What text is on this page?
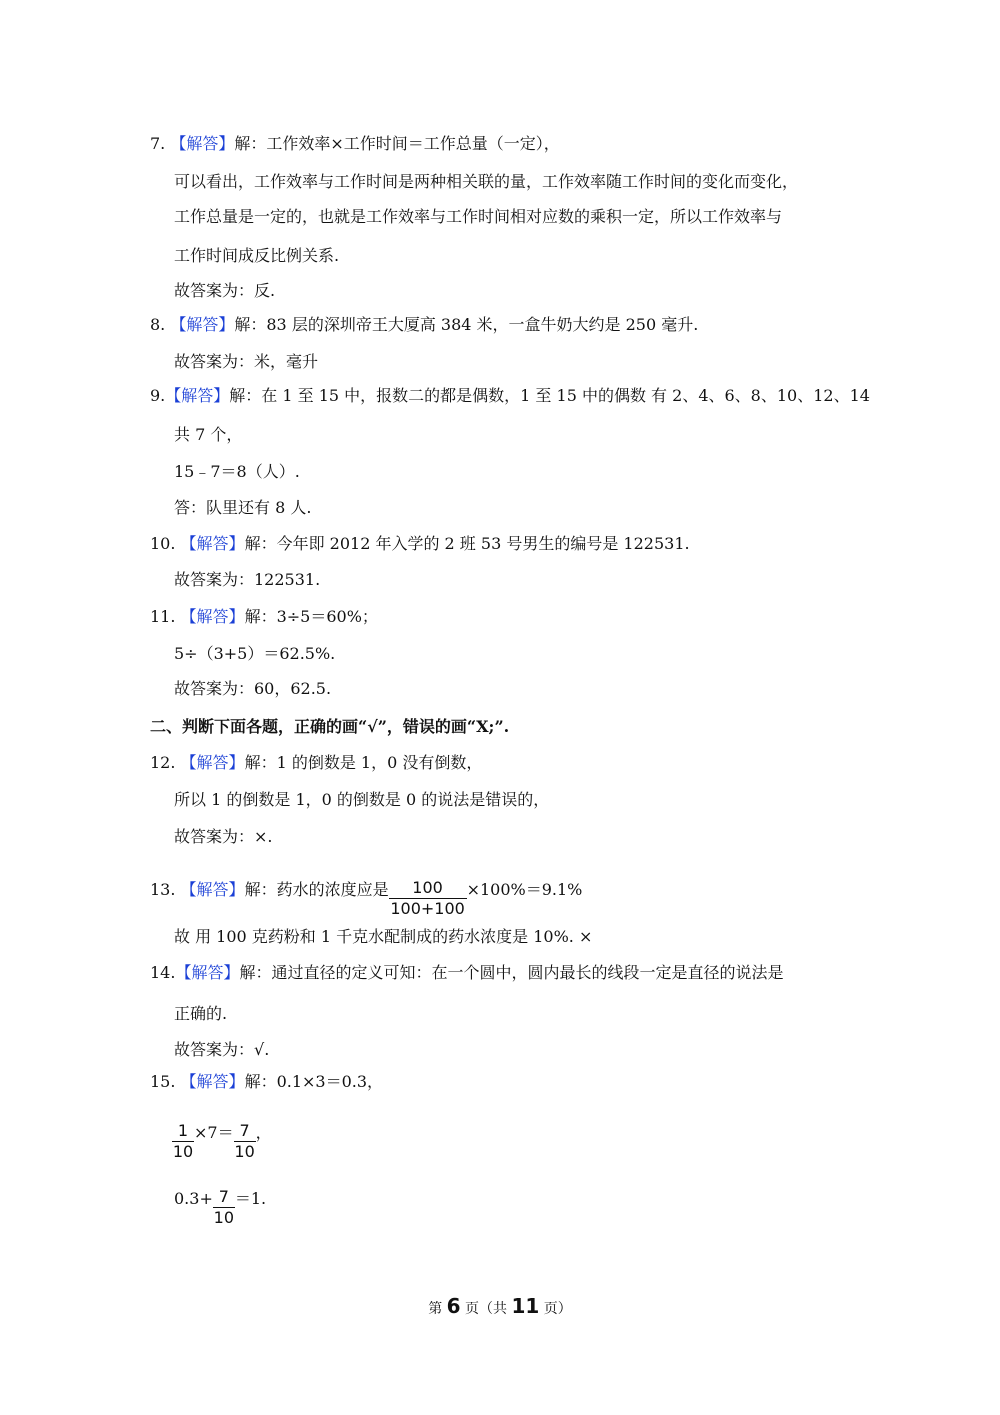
7. 【解答】解：工作效率×工作时间＝工作总量（一定），
可以看出，工作效率与工作时间是两种相关联的量，工作效率随工作时间的变化而变化，
工作总量是一定的，也就是工作效率与工作时间相对应数的乘积一定，所以工作效率与
工作时间成反比例关系.
故答案为：反.
8. 【解答】解：83 层的深圳帝王大厦高 384 米，一盒牛奶大约是 250 毫升.
故答案为：米，毫升
9.【解答】解：在 1 至 15 中，报数二的都是偶数，1 至 15 中的偶数 有 2、4、6、8、10、12、14
共 7 个，
15﹣7＝8（人）.
答：队里还有 8 人.
10. 【解答】解：今年即 2012 年入学的 2 班 53 号男生的编号是 122531.
故答案为：122531.
11. 【解答】解：3÷5＝60%；
5÷（3+5）＝62.5%.
故答案为：60，62.5.
二、判断下面各题，正确的画“√”，错误的画“X;”.
12. 【解答】解：1 的倒数是 1，0 没有倒数，
所以 1 的倒数是 1，0 的倒数是 0 的说法是错误的，
故答案为：×.
13. 【解答】解：药水的浓度应是 $\frac{100}{100+100} \times 100\%=9.1\%$
故 用 100 克药粉和 1 千克水配制成的药水浓度是 10%. ×
14.【解答】解：通过直径的定义可知：在一个圆中，圆内最长的线段一定是直径的说法是
正确的.
故答案为：√.
15. 【解答】解：0.1×3＝0.3，
$\frac{1}{10} \times 7= \frac{7}{10}$ ，
$0.3+ \frac{7}{10} =1$.
第 6 页（共 11 页）
